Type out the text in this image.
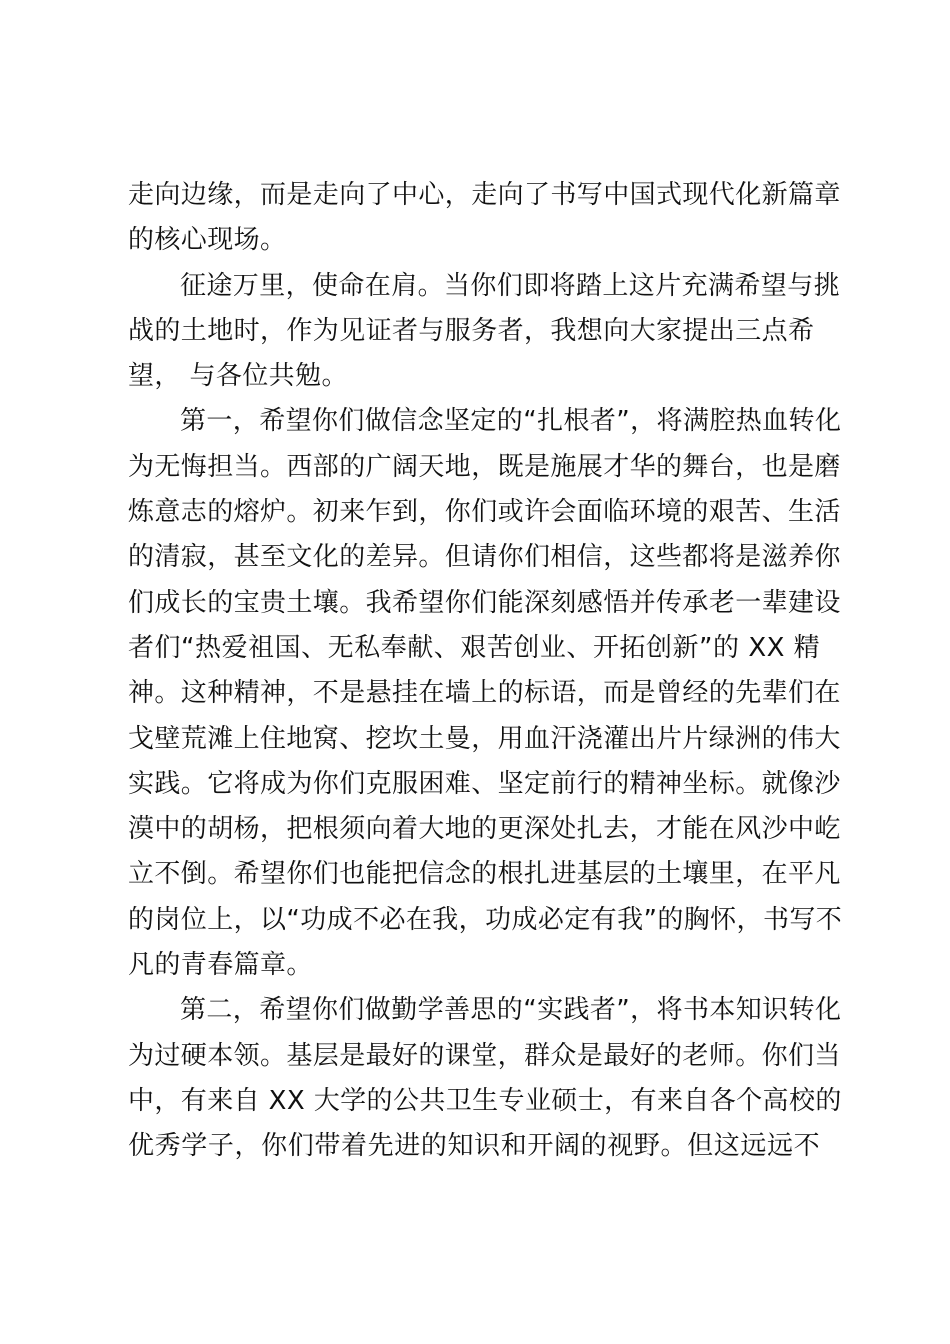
走向边缘，而是走向了中心，走向了书写中国式现代化新篇章
的核心现场。
征途万里，使命在肩。当你们即将踏上这片充满希望与挑
战的土地时，作为见证者与服务者，我想向大家提出三点希
望， 与各位共勉。
第一，希望你们做信念坚定的“扎根者”，将满腔热血转化
为无悔担当。西部的广阔天地，既是施展才华的舞台，也是磨
炼意志的熔炉。初来乍到，你们或许会面临环境的艰苦、生活
的清寂，甚至文化的差异。但请你们相信，这些都将是滋养你
们成长的宝贵土壤。我希望你们能深刻感悟并传承老一辈建设
者们“热爱祖国、无私奉献、艰苦创业、开拓创新”的 XX 精
神。这种精神，不是悬挂在墙上的标语，而是曾经的先辈们在
戈壁荒滩上住地窝、挖坎土曼，用血汗浇灌出片片绿洲的伟大
实践。它将成为你们克服困难、坚定前行的精神坐标。就像沙
漠中的胡杨，把根须向着大地的更深处扎去，才能在风沙中屹
立不倒。希望你们也能把信念的根扎进基层的土壤里，在平凡
的岗位上，以“功成不必在我，功成必定有我”的胸怀，书写不
凡的青春篇章。
第二，希望你们做勤学善思的“实践者”，将书本知识转化
为过硬本领。基层是最好的课堂，群众是最好的老师。你们当
中，有来自 XX 大学的公共卫生专业硕士，有来自各个高校的
优秀学子，你们带着先进的知识和开阔的视野。但这远远不
